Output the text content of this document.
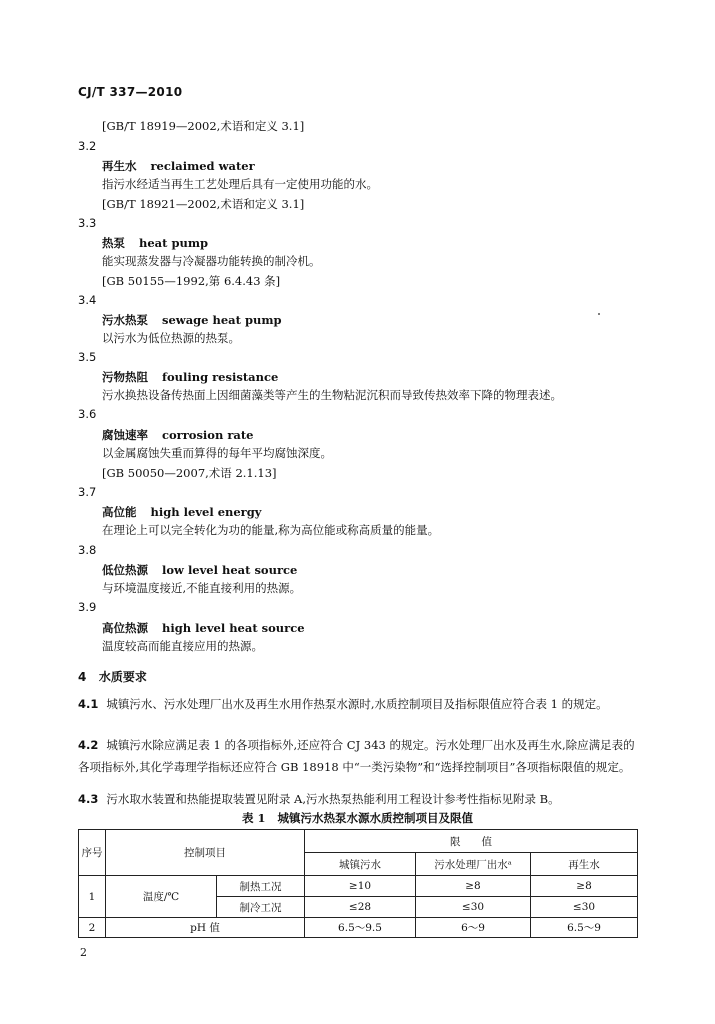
CJ/T 337—2010
[GB/T 18919—2002,术语和定义 3.1]
3.2
再生水 reclaimed water
指污水经适当再生工艺处理后具有一定使用功能的水。
[GB/T 18921—2002,术语和定义 3.1]
3.3
热泵 heat pump
能实现蒸发器与冷凝器功能转换的制冷机。
[GB 50155—1992,第 6.4.43 条]
3.4
污水热泵 sewage heat pump
以污水为低位热源的热泵。
3.5
污物热阻 fouling resistance
污水换热设备传热面上因细菌藻类等产生的生物粘泥沉积而导致传热效率下降的物理表述。
3.6
腐蚀速率 corrosion rate
以金属腐蚀失重而算得的每年平均腐蚀深度。
[GB 50050—2007,术语 2.1.13]
3.7
高位能 high level energy
在理论上可以完全转化为功的能量,称为高位能或称高质量的能量。
3.8
低位热源 low level heat source
与环境温度接近,不能直接利用的热源。
3.9
高位热源 high level heat source
温度较高而能直接应用的热源。
4 水质要求
4.1 城镇污水、污水处理厂出水及再生水用作热泵水源时,水质控制项目及指标限值应符合表 1 的规定。
4.2 城镇污水除应满足表 1 的各项指标外,还应符合 CJ 343 的规定。污水处理厂出水及再生水,除应满足表的各项指标外,其化学毒理学指标还应符合 GB 18918 中“一类污染物”和“选择控制项目”各项指标限值的规定。
4.3 污水取水装置和热能提取装置见附录 A,污水热泵热能利用工程设计参考性指标见附录 B。
表 1 城镇污水热泵水源水质控制项目及限值
序号	控制项目		限　　值		
			城镇污水	污水处理厂出水ᵃ	再生水
1	温度/℃	制热工况	≥10	≥8	≥8
		制冷工况	≤28	≤30	≤30
2	pH 值		6.5～9.5	6～9	6.5～9
2
